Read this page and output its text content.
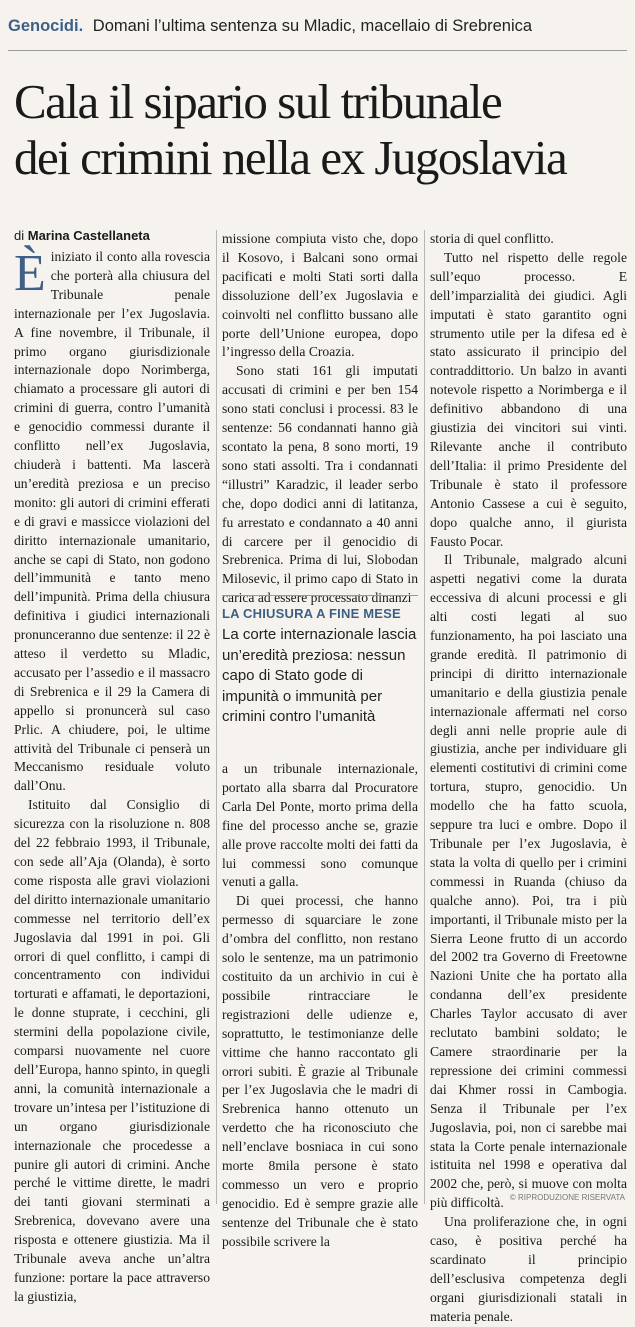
Genocidi. Domani l’ultima sentenza su Mladic, macellaio di Srebrenica
Cala il sipario sul tribunale
dei crimini nella ex Jugoslavia
di Marina Castellaneta

Èiniziato il conto alla rovescia che porterà alla chiusura del Tribunale penale internazionale per l’ex Jugoslavia. A fine novembre, il Tribunale, il primo organo giurisdizionale internazionale dopo Norimberga, chiamato a processare gli autori di crimini di guerra, contro l’umanità e genocidio commessi durante il conflitto nell’ex Jugoslavia, chiuderà i battenti. Ma lascerà un’eredità preziosa e un preciso monito: gli autori di crimini efferati e di gravi e massicce violazioni del diritto internazionale umanitario, anche se capi di Stato, non godono dell’immunità e tanto meno dell’impunità. Prima della chiusura definitiva i giudici internazionali pronunceranno due sentenze: il 22 è atteso il verdetto su Mladic, accusato per l’assedio e il massacro di Srebrenica e il 29 la Camera di appello si pronuncerà sul caso Prlic. A chiudere, poi, le ultime attività del Tribunale ci penserà un Meccanismo residuale voluto dall’Onu.

Istituito dal Consiglio di sicurezza con la risoluzione n. 808 del 22 febbraio 1993, il Tribunale, con sede all’Aja (Olanda), è sorto come risposta alle gravi violazioni del diritto internazionale umanitario commesse nel territorio dell’ex Jugoslavia dal 1991 in poi. Gli orrori di quel conflitto, i campi di concentramento con individui torturati e affamati, le deportazioni, le donne stuprate, i cecchini, gli stermini della popolazione civile, comparsi nuovamente nel cuore dell’Europa, hanno spinto, in quegli anni, la comunità internazionale a trovare un’intesa per l’istituzione di un organo giurisdizionale internazionale che procedesse a punire gli autori di crimini. Anche perché le vittime dirette, le madri dei tanti giovani sterminati a Srebrenica, dovevano avere una risposta e ottenere giustizia. Ma il Tribunale aveva anche un’altra funzione: portare la pace attraverso la giustizia,

missione compiuta visto che, dopo il Kosovo, i Balcani sono ormai pacificati e molti Stati sorti dalla dissoluzione dell’ex Jugoslavia e coinvolti nel conflitto bussano alle porte dell’Unione europea, dopo l’ingresso della Croazia.

Sono stati 161 gli imputati accusati di crimini e per ben 154 sono stati conclusi i processi. 83 le sentenze: 56 condannati hanno già scontato la pena, 8 sono morti, 19 sono stati assolti. Tra i condannati “illustri” Karadzic, il leader serbo che, dopo dodici anni di latitanza, fu arrestato e condannato a 40 anni di carcere per il genocidio di Srebrenica. Prima di lui, Slobodan Milosevic, il primo capo di Stato in carica ad essere processato dinanzi

LA CHIUSURA A FINE MESE
La corte internazionale lascia un’eredità preziosa: nessun capo di Stato gode di impunità o immunità per crimini contro l’umanità

a un tribunale internazionale, portato alla sbarra dal Procuratore Carla Del Ponte, morto prima della fine del processo anche se, grazie alle prove raccolte molti dei fatti da lui commessi sono comunque venuti a galla.

Di quei processi, che hanno permesso di squarciare le zone d’ombra del conflitto, non restano solo le sentenze, ma un patrimonio costituito da un archivio in cui è possibile rintracciare le registrazioni delle udienze e, soprattutto, le testimonianze delle vittime che hanno raccontato gli orrori subiti. È grazie al Tribunale per l’ex Jugoslavia che le madri di Srebrenica hanno ottenuto un verdetto che ha riconosciuto che nell’enclave bosniaca in cui sono morte 8mila persone è stato commesso un vero e proprio genocidio. Ed è sempre grazie alle sentenze del Tribunale che è stato possibile scrivere la

storia di quel conflitto.

Tutto nel rispetto delle regole sull’equo processo. E dell’imparzialità dei giudici. Agli imputati è stato garantito ogni strumento utile per la difesa ed è stato assicurato il principio del contraddittorio. Un balzo in avanti notevole rispetto a Norimberga e il definitivo abbandono di una giustizia dei vincitori sui vinti. Rilevante anche il contributo dell’Italia: il primo Presidente del Tribunale è stato il professore Antonio Cassese a cui è seguito, dopo qualche anno, il giurista Fausto Pocar.

Il Tribunale, malgrado alcuni aspetti negativi come la durata eccessiva di alcuni processi e gli alti costi legati al suo funzionamento, ha poi lasciato una grande eredità. Il patrimonio di principi di diritto internazionale umanitario e della giustizia penale internazionale affermati nel corso degli anni nelle proprie aule di giustizia, anche per individuare gli elementi costitutivi di crimini come tortura, stupro, genocidio. Un modello che ha fatto scuola, seppure tra luci e ombre. Dopo il Tribunale per l’ex Jugoslavia, è stata la volta di quello per i crimini commessi in Ruanda (chiuso da qualche anno). Poi, tra i più importanti, il Tribunale misto per la Sierra Leone frutto di un accordo del 2002 tra Governo di Freetowne Nazioni Unite che ha portato alla condanna dell’ex presidente Charles Taylor accusato di aver reclutato bambini soldato; le Camere straordinarie per la repressione dei crimini commessi dai Khmer rossi in Cambogia. Senza il Tribunale per l’ex Jugoslavia, poi, non ci sarebbe mai stata la Corte penale internazionale istituita nel 1998 e operativa dal 2002 che, però, si muove con molta più difficoltà.

Una proliferazione che, in ogni caso, è positiva perché ha scardinato il principio dell’esclusiva competenza degli organi giurisdizionali statali in materia penale.

© RIPRODUZIONE RISERVATA
